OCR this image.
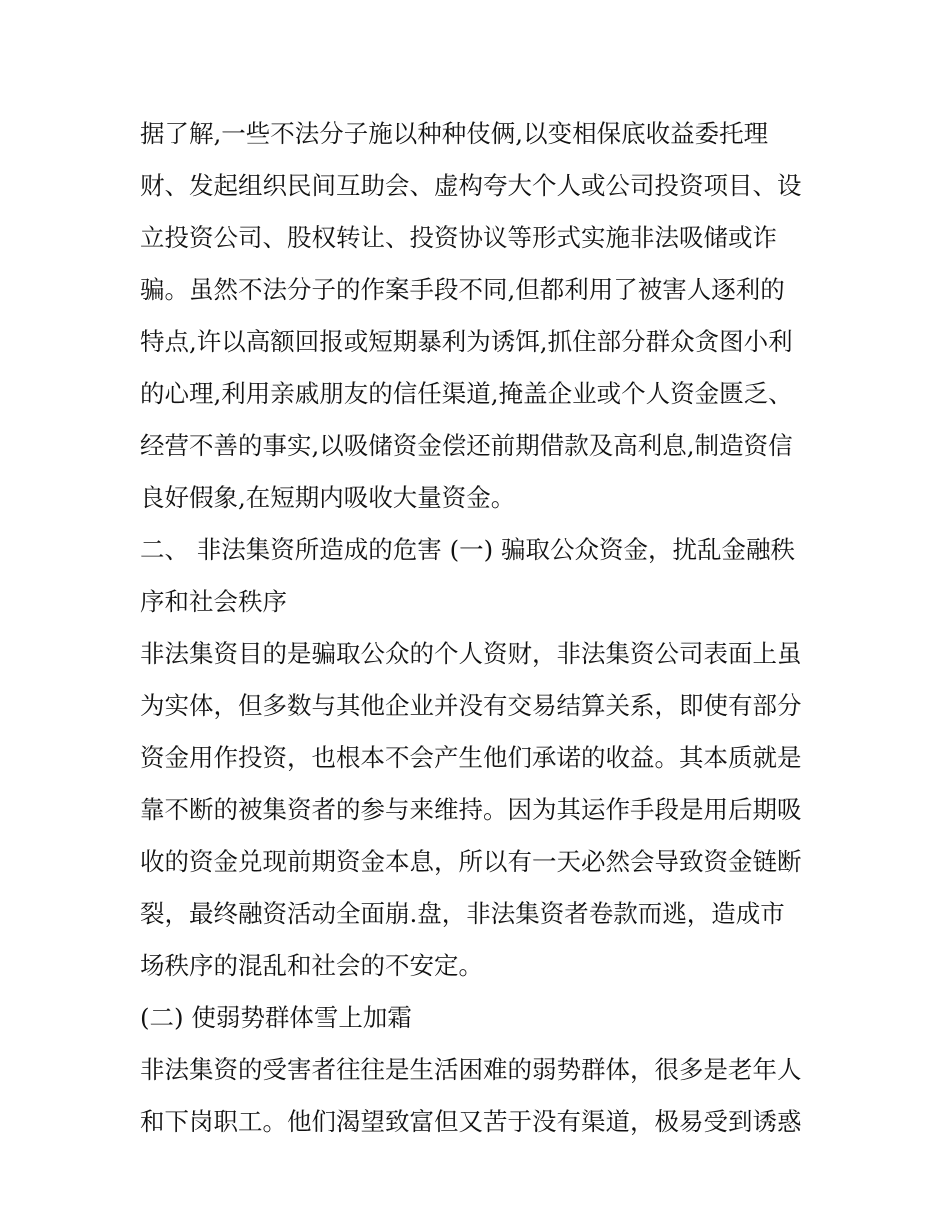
据了解,一些不法分子施以种种伎俩,以变相保底收益委托理
财、发起组织民间互助会、虚构夸大个人或公司投资项目、设
立投资公司、股权转让、投资协议等形式实施非法吸储或诈
骗。虽然不法分子的作案手段不同,但都利用了被害人逐利的
特点,许以高额回报或短期暴利为诱饵,抓住部分群众贪图小利
的心理,利用亲戚朋友的信任渠道,掩盖企业或个人资金匮乏、
经营不善的事实,以吸储资金偿还前期借款及高利息,制造资信
良好假象,在短期内吸收大量资金。
二、 非法集资所造成的危害 (一) 骗取公众资金，扰乱金融秩
序和社会秩序
非法集资目的是骗取公众的个人资财，非法集资公司表面上虽
为实体，但多数与其他企业并没有交易结算关系，即使有部分
资金用作投资，也根本不会产生他们承诺的收益。其本质就是
靠不断的被集资者的参与来维持。因为其运作手段是用后期吸
收的资金兑现前期资金本息，所以有一天必然会导致资金链断
裂，最终融资活动全面崩.盘，非法集资者卷款而逃，造成市
场秩序的混乱和社会的不安定。
(二) 使弱势群体雪上加霜
非法集资的受害者往往是生活困难的弱势群体，很多是老年人
和下岗职工。他们渴望致富但又苦于没有渠道，极易受到诱惑
